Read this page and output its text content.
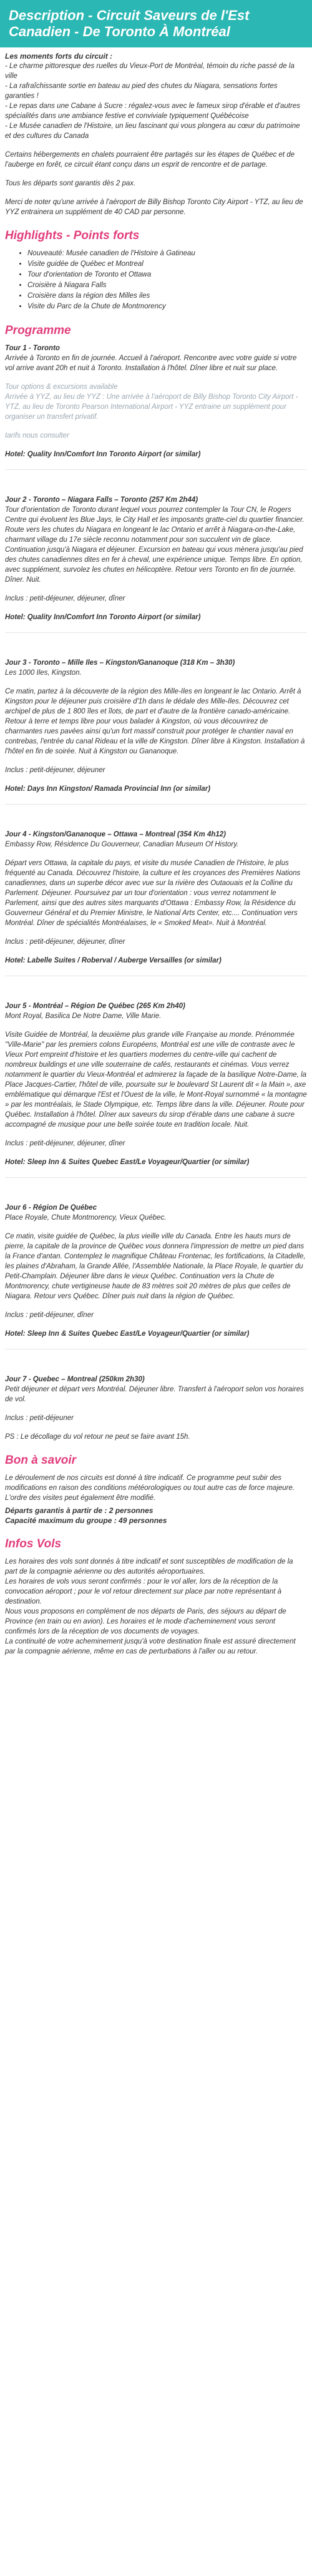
Description - Circuit Saveurs de l'Est Canadien - De Toronto À Montréal

Les moments forts du circuit :

- Le charme pittoresque des ruelles du Vieux-Port de Montréal, témoin du riche passé de la ville

- La rafraîchissante sortie en bateau au pied des chutes du Niagara, sensations fortes garanties !

- Le repas dans une Cabane à Sucre : régalez-vous avec le fameux sirop d'érable et d'autres spécialités dans une ambiance festive et conviviale typiquement Québécoise

- Le Musée canadien de l'Histoire, un lieu fascinant qui vous plongera au cœur du patrimoine et des cultures du Canada

Certains hébergements en chalets pourraient être partagés sur les étapes de Québec et de l'auberge en forêt, ce circuit étant conçu dans un esprit de rencontre et de partage.

Tous les départs sont garantis dès 2 pax.

Merci de noter qu'une arrivée à l'aéroport de Billy Bishop Toronto City Airport - YTZ, au lieu de YYZ entrainera un supplément de 40 CAD par personne.

Highlights - Points forts
• Nouveauté: Musée canadien de l'Histoire à Gatineau
• Visite guidée de Québec et Montreal
• Tour d'orientation de Toronto et Ottawa
• Croisière à Niagara Falls
• Croisière dans la région des Milles iles
• Visite du Parc de la Chute de Montmorency
Programme

Tour 1 - Toronto

Arrivée à Toronto en fin de journée. Accueil à l'aéroport. Rencontre avec votre guide si votre vol arrive avant 20h et nuit à Toronto. Installation à l'hôtel. Dîner libre et nuit sur place.

Tour options & excursions available

Arrivée à YYZ, au lieu de YYZ : Une arrivée à l'aéroport de Billy Bishop Toronto City Airport - YTZ, au lieu de Toronto Pearson International Airport - YYZ entraine un supplément pour organiser un transfert privatif.

tarifs nous consulter

Hotel: Quality Inn/Comfort Inn Toronto Airport (or similar)

Jour 2 - Toronto – Niagara Falls – Toronto (257 Km 2h44)

Tour d'orientation de Toronto durant lequel vous pourrez contempler la Tour CN, le Rogers Centre qui évoluent les Blue Jays, le City Hall et les imposants gratte-ciel du quartier financier. Route vers les chutes du Niagara en longeant le lac Ontario et arrêt à Niagara-on-the-Lake, charmant village du 17e siècle reconnu notamment pour son succulent vin de glace. Continuation jusqu'à Niagara et déjeuner. Excursion en bateau qui vous mènera jusqu'au pied des chutes canadiennes dites en fer à cheval, une expérience unique. Temps libre. En option, avec supplément, survolez les chutes en hélicoptère. Retour vers Toronto en fin de journée. Dîner. Nuit.

Inclus : petit-déjeuner, déjeuner, dîner

Hotel: Quality Inn/Comfort Inn Toronto Airport (or similar)

Jour 3 - Toronto – Mille Iles – Kingston/Gananoque (318 Km – 3h30)

Les 1000 Iles, Kingston.

Ce matin, partez à la découverte de la région des Mille-Iles en longeant le lac Ontario. Arrêt à Kingston pour le déjeuner puis croisière d'1h dans le dédale des Mille-Iles. Découvrez cet archipel de plus de 1 800 îles et îlots, de part et d'autre de la frontière canado-américaine. Retour à terre et temps libre pour vous balader à Kingston, où vous découvrirez de charmantes rues pavées ainsi qu'un fort massif construit pour protéger le chantier naval en contrebas, l'entrée du canal Rideau et la ville de Kingston. Dîner libre à Kingston. Installation à l'hôtel en fin de soirée. Nuit à Kingston ou Gananoque.

Inclus : petit-déjeuner, déjeuner

Hotel: Days Inn Kingston/ Ramada Provincial Inn (or similar)

Jour 4 - Kingston/Gananoque – Ottawa – Montreal (354 Km 4h12)

Embassy Row, Résidence Du Gouverneur, Canadian Museum Of History.

Départ vers Ottawa, la capitale du pays, et visite du musée Canadien de l'Histoire, le plus fréquenté au Canada. Découvrez l'histoire, la culture et les croyances des Premières Nations canadiennes, dans un superbe décor avec vue sur la rivière des Outaouais et la Colline du Parlement. Déjeuner. Poursuivez par un tour d'orientation : vous verrez notamment le Parlement, ainsi que des autres sites marquants d'Ottawa : Embassy Row, la Résidence du Gouverneur Général et du Premier Ministre, le National Arts Center, etc.... Continuation vers Montréal. Dîner de spécialités Montréalaises, le « Smoked Meat». Nuit à Montréal.

Inclus : petit-déjeuner, déjeuner, dîner

Hotel: Labelle Suites / Roberval / Auberge Versailles (or similar)

Jour 5 - Montréal – Région De Québec (265 Km 2h40)

Mont Royal, Basilica De Notre Dame, Ville Marie.

Visite Guidée de Montréal, la deuxième plus grande ville Française au monde. Prénommée "Ville-Marie" par les premiers colons Européens, Montréal est une ville de contraste avec le Vieux Port empreint d'histoire et les quartiers modernes du centre-ville qui cachent de nombreux buildings et une ville souterraine de cafés, restaurants et cinémas. Vous verrez notamment le quartier du Vieux-Montréal et admirerez la façade de la basilique Notre-Dame, la Place Jacques-Cartier, l'hôtel de ville, poursuite sur le boulevard St Laurent dit « la Main », axe emblématique qui démarque l'Est et l'Ouest de la ville, le Mont-Royal surnommé « la montagne » par les montréalais, le Stade Olympique, etc. Temps libre dans la ville. Déjeuner. Route pour Québec. Installation à l'hôtel. Dîner aux saveurs du sirop d'érable dans une cabane à sucre accompagné de musique pour une belle soirée toute en tradition locale. Nuit.

Inclus : petit-déjeuner, déjeuner, dîner

Hotel: Sleep Inn & Suites Quebec East/Le Voyageur/Quartier (or similar)

Jour 6 - Région De Québec

Place Royale, Chute Montmorency, Vieux Québec.

Ce matin, visite guidée de Québec, la plus vieille ville du Canada. Entre les hauts murs de pierre, la capitale de la province de Québec vous donnera l'impression de mettre un pied dans la France d'antan. Contemplez le magnifique Château Frontenac, les fortifications, la Citadelle, les plaines d'Abraham, la Grande Allée, l'Assemblée Nationale, la Place Royale, le quartier du Petit-Champlain. Déjeuner libre dans le vieux Québec. Continuation vers la Chute de Montmorency, chute vertigineuse haute de 83 mètres soit 20 mètres de plus que celles de Niagara. Retour vers Québec. Dîner puis nuit dans la région de Québec.

Inclus : petit-déjeuner, dîner

Hotel: Sleep Inn & Suites Quebec East/Le Voyageur/Quartier (or similar)

Jour 7 - Quebec – Montreal (250km 2h30)

Petit déjeuner et départ vers Montréal. Déjeuner libre. Transfert à l'aéroport selon vos horaires de vol.

Inclus : petit-déjeuner

PS : Le décollage du vol retour ne peut se faire avant 15h.

Bon à savoir

Le déroulement de nos circuits est donné à titre indicatif. Ce programme peut subir des modifications en raison des conditions météorologiques ou tout autre cas de force majeure. L'ordre des visites peut également être modifié.

Départs garantis à partir de : 2 personnes

Capacité maximum du groupe : 49 personnes

Infos Vols

Les horaires des vols sont donnés à titre indicatif et sont susceptibles de modification de la part de la compagnie aérienne ou des autorités aéroportuaires.

Les horaires de vols vous seront confirmés : pour le vol aller, lors de la réception de la convocation aéroport ; pour le vol retour directement sur place par notre représentant à destination.

Nous vous proposons en complément de nos départs de Paris, des séjours au départ de Province (en train ou en avion). Les horaires et le mode d'acheminement vous seront confirmés lors de la réception de vos documents de voyages.

La continuité de votre acheminement jusqu'à votre destination finale est assuré directement par la compagnie aérienne, même en cas de perturbations à l'aller ou au retour.
